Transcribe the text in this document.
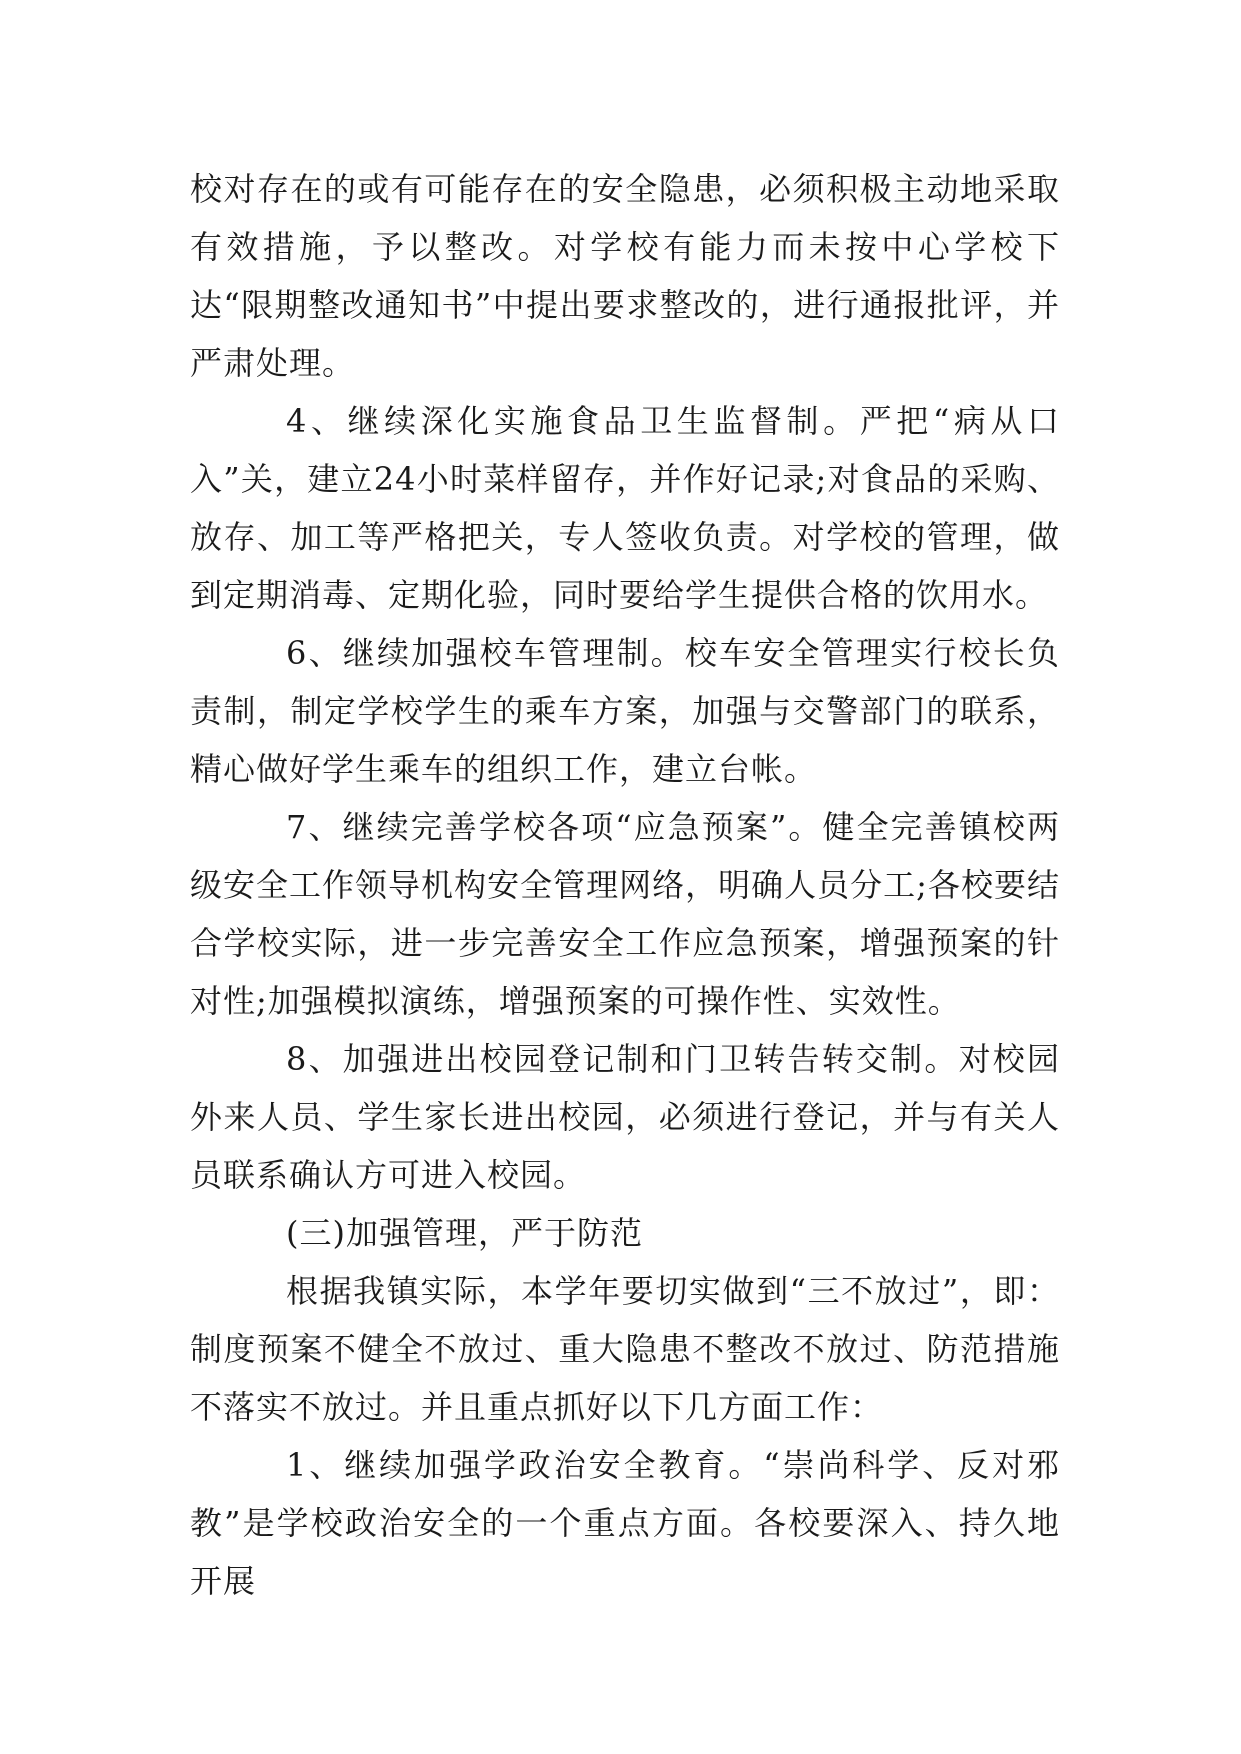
校对存在的或有可能存在的安全隐患，必须积极主动地采取有效措施，予以整改。对学校有能力而未按中心学校下达“限期整改通知书”中提出要求整改的，进行通报批评，并严肃处理。

4、继续深化实施食品卫生监督制。严把“病从口入”关，建立24小时菜样留存，并作好记录;对食品的采购、放存、加工等严格把关，专人签收负责。对学校的管理，做到定期消毒、定期化验，同时要给学生提供合格的饮用水。

6、继续加强校车管理制。校车安全管理实行校长负责制，制定学校学生的乘车方案，加强与交警部门的联系，精心做好学生乘车的组织工作，建立台帐。

7、继续完善学校各项“应急预案”。健全完善镇校两级安全工作领导机构安全管理网络，明确人员分工;各校要结合学校实际，进一步完善安全工作应急预案，增强预案的针对性;加强模拟演练，增强预案的可操作性、实效性。

8、加强进出校园登记制和门卫转告转交制。对校园外来人员、学生家长进出校园，必须进行登记，并与有关人员联系确认方可进入校园。

(三)加强管理，严于防范

根据我镇实际，本学年要切实做到“三不放过”，即：制度预案不健全不放过、重大隐患不整改不放过、防范措施不落实不放过。并且重点抓好以下几方面工作：

1、继续加强学政治安全教育。“崇尚科学、反对邪教”是学校政治安全的一个重点方面。各校要深入、持久地开展
